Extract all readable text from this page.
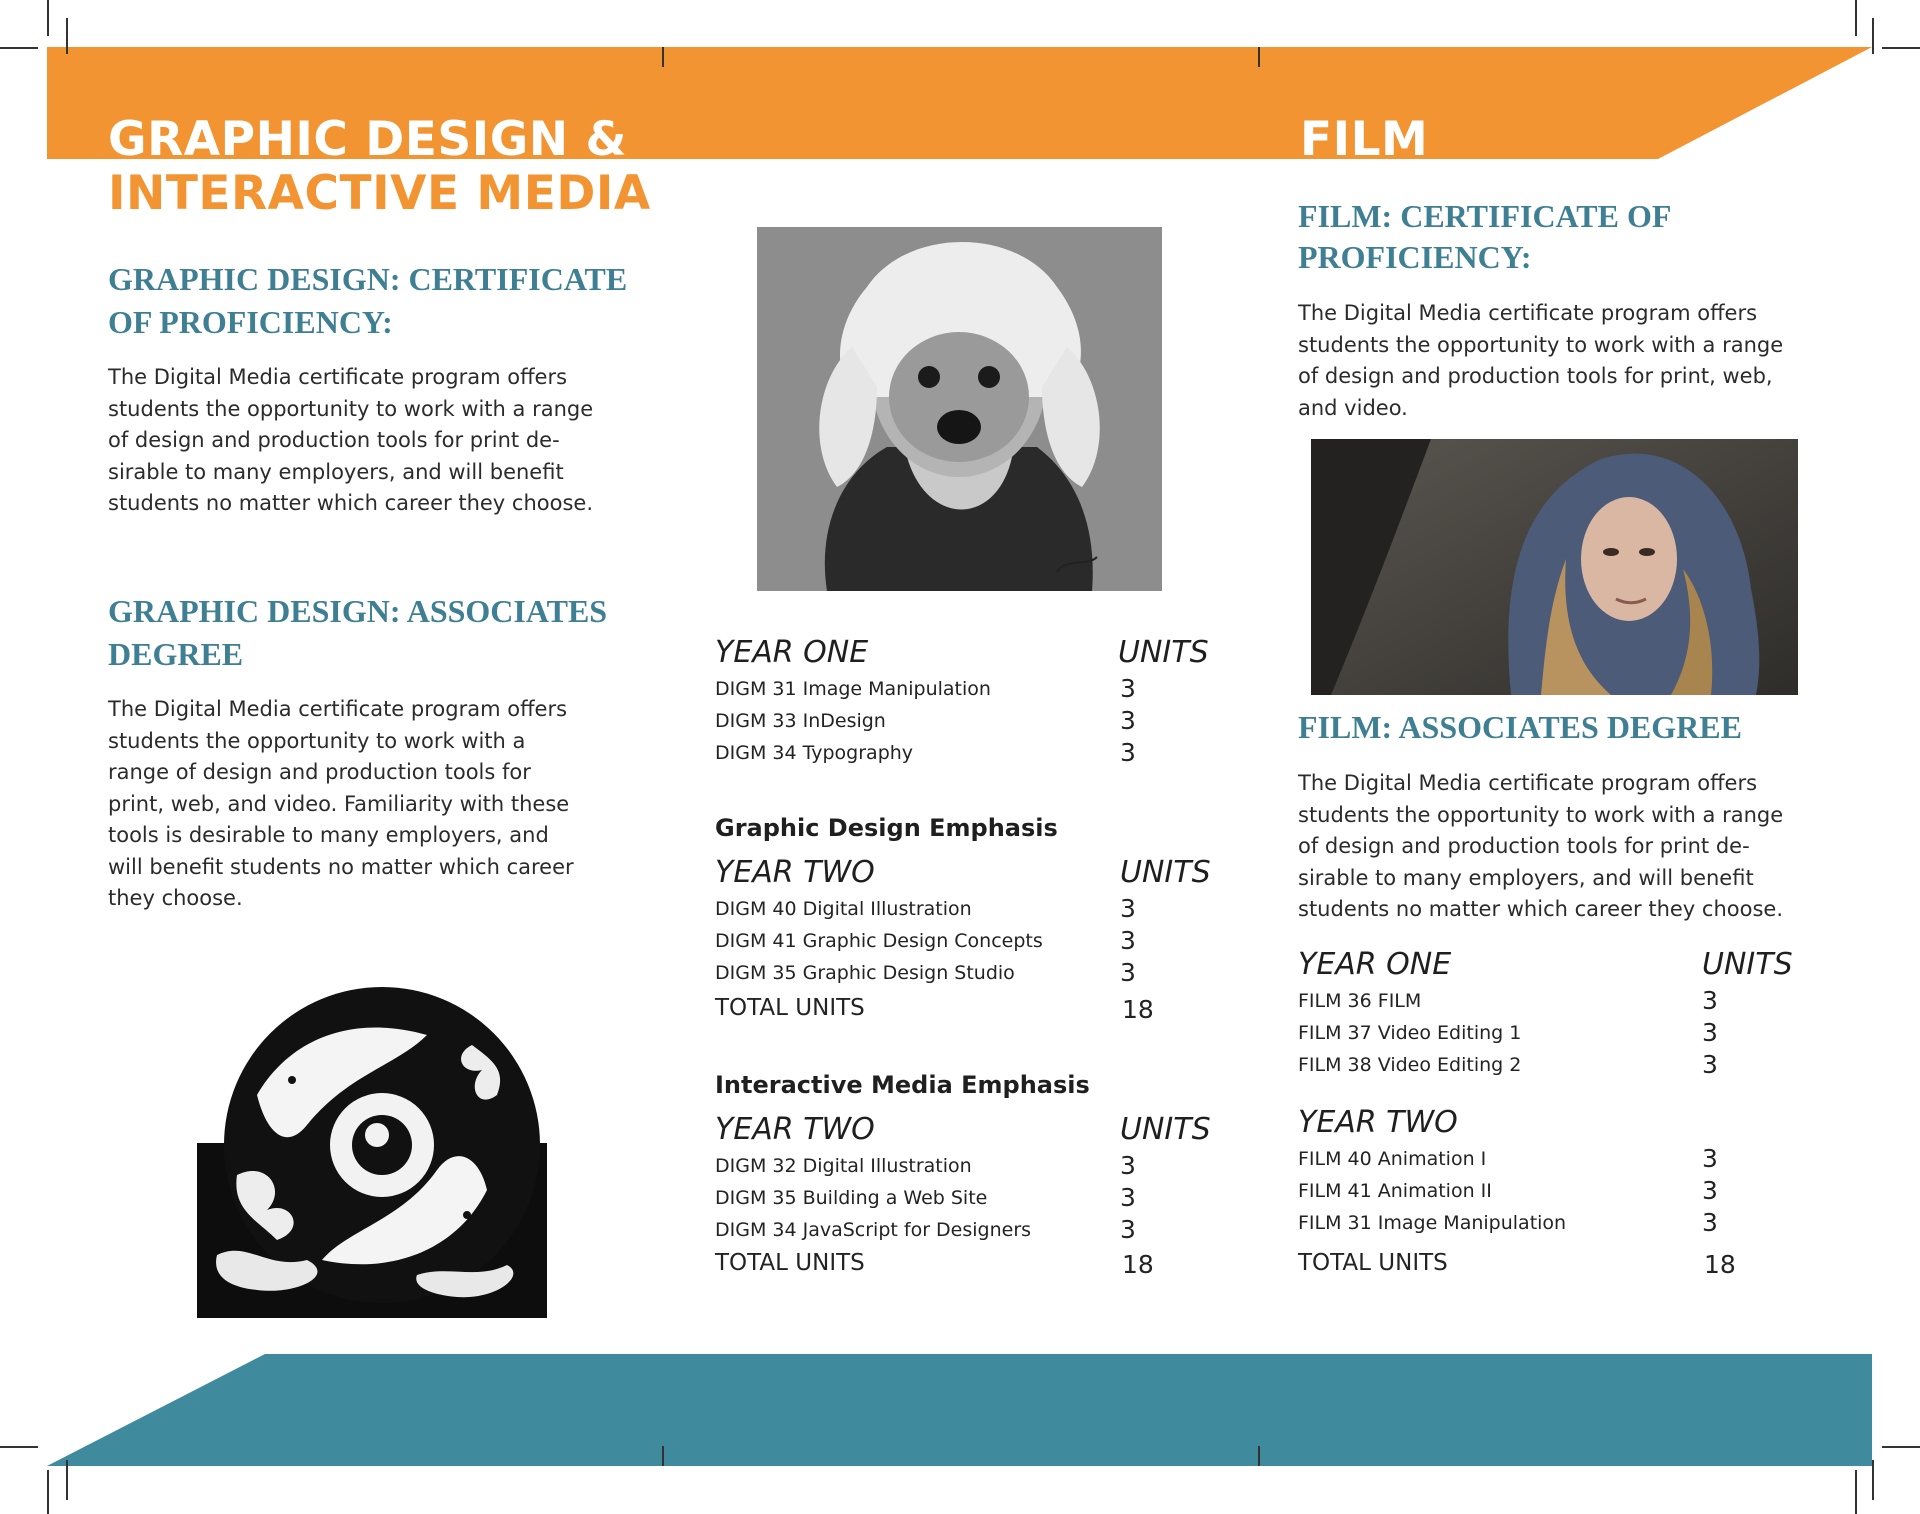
GRAPHIC DESIGN &
INTERACTIVE MEDIA

GRAPHIC DESIGN: CERTIFICATE

OF PROFICIENCY:

The Digital Media certificate program offers

students the opportunity to work with a range

of design and production tools for print de-

sirable to many employers, and will benefit

students no matter which career they choose.

GRAPHIC DESIGN: ASSOCIATES

DEGREE

The Digital Media certificate program offers

students the opportunity to work with a

range of design and production tools for

print, web, and video. Familiarity with these

tools is desirable to many employers, and

will benefit students no matter which career

they choose.

YEAR ONE	UNITS
DIGM 31 Image Manipulation	3
DIGM 33 InDesign	3
DIGM 34 Typography	3
Graphic Design Emphasis
YEAR TWO	UNITS
DIGM 40 Digital Illustration	3
DIGM 41 Graphic Design Concepts	3
DIGM 35 Graphic Design Studio	3
TOTAL UNITS	18
Interactive Media Emphasis
YEAR TWO	UNITS
DIGM 32 Digital Illustration	3
DIGM 35 Building a Web Site	3
DIGM 34 JavaScript for Designers	3
TOTAL UNITS	18
FILM

FILM: CERTIFICATE OF

PROFICIENCY:

The Digital Media certificate program offers

students the opportunity to work with a range

of design and production tools for print, web,

and video.

FILM: ASSOCIATES DEGREE

The Digital Media certificate program offers

students the opportunity to work with a range

of design and production tools for print de-

sirable to many employers, and will benefit

students no matter which career they choose.

YEAR ONE	UNITS
FILM 36 FILM	3
FILM 37 Video Editing 1	3
FILM 38 Video Editing 2	3
YEAR TWO
FILM 40 Animation I	3
FILM 41 Animation II	3
FILM 31 Image Manipulation	3
TOTAL UNITS	18
